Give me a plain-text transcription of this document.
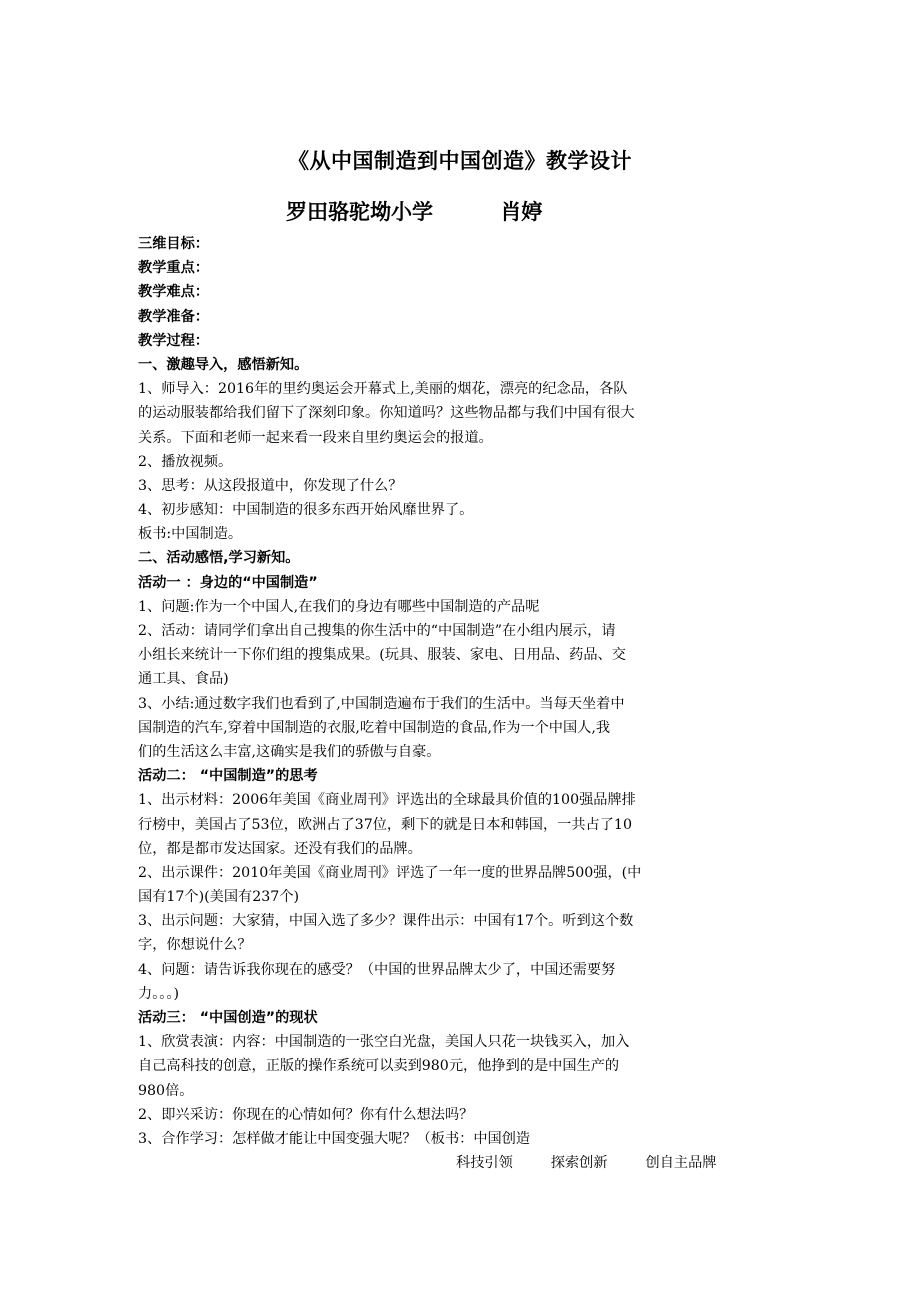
《从中国制造到中国创造》教学设计
罗田骆驼坳小学	肖婷
三维目标：
教学重点：
教学难点：
教学准备：
教学过程：
一、激趣导入，感悟新知。
1、师导入：2016年的里约奥运会开幕式上,美丽的烟花，漂亮的纪念品，各队
的运动服装都给我们留下了深刻印象。你知道吗？这些物品都与我们中国有很大
关系。下面和老师一起来看一段来自里约奥运会的报道。
2、播放视频。
3、思考：从这段报道中，你发现了什么？
4、初步感知：中国制造的很多东西开始风靡世界了。
板书:中国制造。
二、活动感悟,学习新知。
活动一 ：身边的“中国制造”
1、问题:作为一个中国人,在我们的身边有哪些中国制造的产品呢
2、活动：请同学们拿出自己搜集的你生活中的“中国制造”在小组内展示，请
小组长来统计一下你们组的搜集成果。(玩具、服装、家电、日用品、药品、交
通工具、食品)
3、小结:通过数字我们也看到了,中国制造遍布于我们的生活中。当每天坐着中
国制造的汽车,穿着中国制造的衣服,吃着中国制造的食品,作为一个中国人,我
们的生活这么丰富,这确实是我们的骄傲与自豪。
活动二： “中国制造”的思考
1、出示材料：2006年美国《商业周刊》评选出的全球最具价值的100强品牌排
行榜中，美国占了53位，欧洲占了37位，剩下的就是日本和韩国，一共占了10
位，都是都市发达国家。还没有我们的品牌。
2、出示课件：2010年美国《商业周刊》评选了一年一度的世界品牌500强，(中
国有17个)(美国有237个)
3、出示问题：大家猜，中国入选了多少？课件出示：中国有17个。听到这个数
字，你想说什么？
4、问题：请告诉我你现在的感受？（中国的世界品牌太少了，中国还需要努
力。。。)
活动三： “中国创造”的现状
1、欣赏表演：内容：中国制造的一张空白光盘，美国人只花一块钱买入，加入
自己高科技的创意，正版的操作系统可以卖到980元，他挣到的是中国生产的
980倍。
2、即兴采访：你现在的心情如何？你有什么想法吗？
3、合作学习：怎样做才能让中国变强大呢？（板书：中国创造
科技引领	探索创新	创自主品牌
